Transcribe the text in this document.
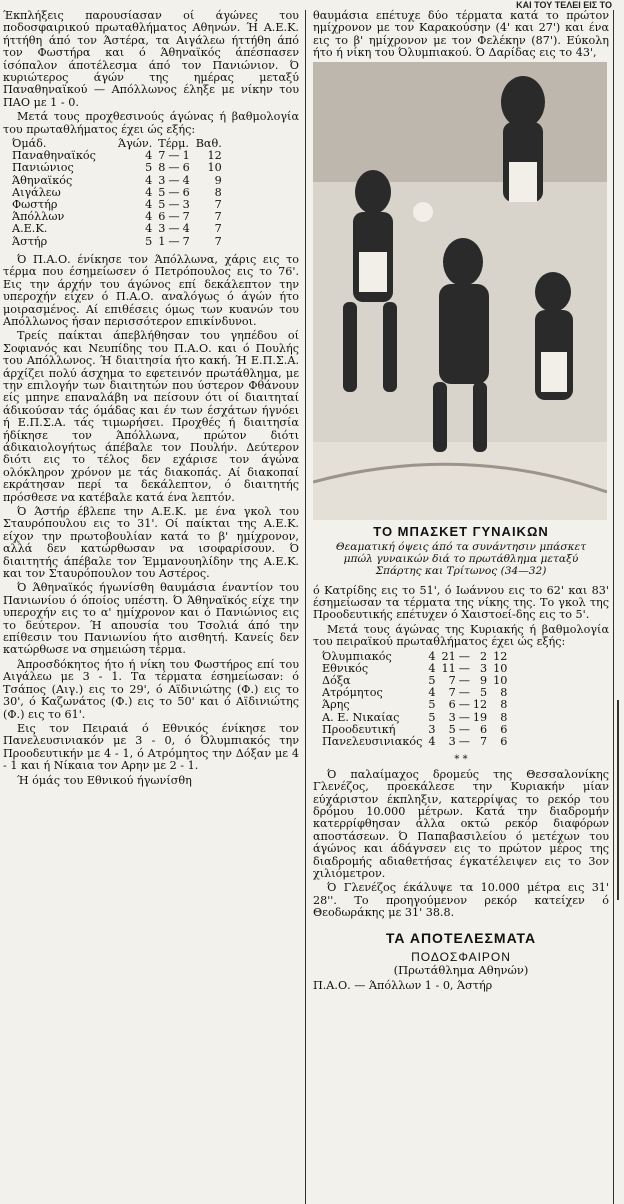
ΚΑΙ ΤΟΥ ΤΕΛΕΙ ΕΙΣ ΤΟ

Έκπλήξεις παρουσίασαν οί άγώνες του ποδοσφαιρικού πρωταθλήματος Αθηνών. Ή Α.Ε.Κ. ήττήθη άπό τον Άστέρα, τα Αιγάλεω ήττήθη άπό τον Φωστήρα και ό Άθηναϊκός άπέσπασεν ίσόπαλον άποτέλεσμα άπό τον Πανιώνιον. Ό κυριώτερος άγών της ημέρας μεταξύ Παναθηναϊκού — Απόλλωνος έληξε με νίκην του ΠΑΟ με 1 - 0.

Μετά τους προχθεσινούς άγώνας ή βαθμολογία του πρωταθλήματος έχει ώς εξής:

Όμάδ.	Άγών.	Τέρμ.			Βαθ.
Παναθηναϊκός	4	7	—	1	12
Πανιώνιος	5	8	—	6	10
Άθηναϊκός	4	3	—	4	9
Αιγάλεω	4	5	—	6	8
Φωστήρ	4	5	—	3	7
Άπόλλων	4	6	—	7	7
Α.Ε.Κ.	4	3	—	4	7
Άστήρ	5	1	—	7	7

Ό Π.Α.Ο. ένίκησε τον Άπόλλωνα, χάρις εις το τέρμα που έσημείωσεν ό Πετρόπουλος εις το 76'. Εις την άρχήν του άγώνος επί δεκάλεπτον την υπεροχήν είχεν ό Π.Α.Ο. αναλόγως ό άγών ήτο μοιρασμένος. Αί επιθέσεις όμως των κυανών του Απόλλωνος ήσαν περισσότερον επικίνδυνοι.

Τρείς παίκται άπεβλήθησαν του γηπέδου οί Σοφιανός και Νευπίδης του Π.Α.Ο. και ό Πουλής του Απόλλωνος. Ή διαιτησία ήτο κακή. Ή Ε.Π.Σ.Α. άρχίζει πολύ άσχημα το εφετεινόν πρωτάθλημα, με την επιλογήν των διαιτητών που ύστερον Φθάνουν είς μπηνε επαναλάβη να πείσουν ότι οί διαιτηταί άδικούσαν τάς όμάδας και έν των έσχάτων ήγνόει ή Ε.Π.Σ.Α. τάς τιμωρήσει. Προχθές ή διαιτησία ήδίκησε τον Άπόλλωνα, πρώτον διότι άδικαιολογήτως άπέβαλε τον Πουλήν. Δεύτερον διότι εις το τέλος δεν εχάρισε τον άγώνα ολόκληρον χρόνον με τάς διακοπάς. Αί διακοπαί εκράτησαν περί τα δεκάλεπτον, ό διαιτητής πρόσθεσε να κατέβαλε κατά ένα λεπτόν.

Ό Άστήρ έβλεπε την Α.Ε.Κ. με ένα γκολ του Σταυρόπουλου εις το 31'. Οί παίκται της Α.Ε.Κ. είχον την πρωτοβουλίαν κατά το β' ημίχρονον, αλλά δεν κατώρθωσαν να ισοφαρίσουν. Ό διαιτητής άπέβαλε τον Έμμανουηλίδην της Α.Ε.Κ. και τον Σταυρόπουλον του Αστέρος.

Ό Άθηναϊκός ήγωνίσθη θαυμάσια έναντίον του Πανιωνίου ό όποίος υπέστη. Ό Άθηναϊκός είχε την υπεροχήν εις το α' ημίχρονον και ό Πανιώνιος εις το δεύτερον. Ή απουσία του Τσολιά άπό την επίθεσιν του Πανιωνίου ήτο αισθητή. Κανείς δεν κατώρθωσε να σημειώση τέρμα.

Άπροσδόκητος ήτο ή νίκη του Φωστήρος επί του Αιγάλεω με 3 - 1. Τα τέρματα έσημείωσαν: ό Τσάπος (Αιγ.) εις το 29', ό Αϊδινιώτης (Φ.) εις το 30', ό Καζωνάτος (Φ.) εις το 50' και ό Αϊδινιώτης (Φ.) εις το 61'.

Εις τον Πειραιά ό Εθνικός ένίκησε τον Πανελευσινιακόν με 3 - 0, ό Όλυμπιακός την Προοδευτικήν με 4 - 1, ό Ατρόμητος την Δόξαν με 4 - 1 και ή Νίκαια τον Αρην με 2 - 1.

Ή όμάς του Εθνικού ήγωνίσθη

θαυμάσια επέτυχε δύο τέρματα κατά το πρώτον ημίχρονον με τον Καρακούσην (4' και 27') και ένα εις το β' ημίχρονον με τον Φελέκην (87'). Εύκολη ήτο ή νίκη του Όλυμπιακού. Ό Δαρίδας εις το 43',

ΤΟ ΜΠΑΣΚΕΤ ΓΥΝΑΙΚΩΝ
Θεαματική όψεις άπό τα συνάντησιν μπάσκετ μπώλ γυναικών διά το πρωτάθλημα μεταξύ Σπάρτης και Τρίτωνος (34—32)

ό Κατρίδης εις το 51', ό Ιωάννου εις το 62' και 83' έσημείωσαν τα τέρματα της νίκης της. Το γκολ της Προοδευτικής επέτυχεν ό Χαιστοεί-δης εις το 5'.

Μετά τους άγώνας της Κυριακής ή βαθμολογία του πειραϊκού πρωταθλήματος έχει ώς εξής:

Όλυμπιακός	4	21	—	2	12
Εθνικός	4	11	—	3	10
Δόξα	5	7	—	9	10
Ατρόμητος	4	7	—	5	8
Άρης	5	6	—	12	8
Α. Ε. Νικαίας	5	3	—	19	8
Προοδευτική	3	5	—	6	6
Πανελευσινιακός	4	3	—	7	6
* *

Ό παλαίμαχος δρομεύς της Θεσσαλονίκης Γλενέζος, προεκάλεσε την Κυριακήν μίαν εύχάριστον έκπληξιν, κατερρίψας το ρεκόρ του δρόμου 10.000 μέτρων. Κατά την διαδρομήν κατερρίφθησαν άλλα οκτώ ρεκόρ διαφόρων αποστάσεων. Ό Παπαβασιλείου ό μετέχων του άγώνος και άδάγνσεν εις το πρώτον μέρος της διαδρομής αδιαθετήσας έγκατέλειψεν εις το 3ον χιλιόμετρον.

Ό Γλενέζος έκάλυψε τα 10.000 μέτρα εις 31' 28''. Το προηγούμενον ρεκόρ κατείχεν ό Θεοδωράκης με 31' 38.8.

ΤΑ ΑΠΟΤΕΛΕΣΜΑΤΑ
ΠΟΔΟΣΦΑΙΡΟΝ
(Πρωτάθλημα Αθηνών)

Π.Α.Ο. — Άπόλλων 1 - 0, Άστήρ
